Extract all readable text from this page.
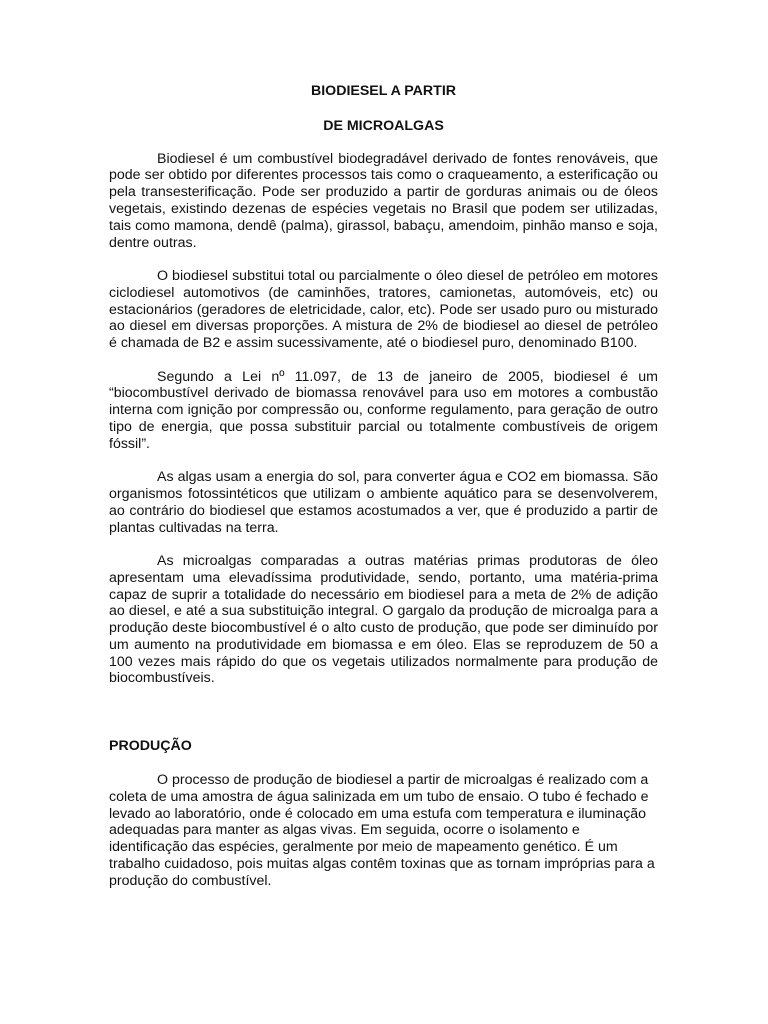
BIODIESEL A PARTIR

DE MICROALGAS

Biodiesel é um combustível biodegradável derivado de fontes renováveis, que pode ser obtido por diferentes processos tais como o craqueamento, a esterificação ou pela transesterificação. Pode ser produzido a partir de gorduras animais ou de óleos vegetais, existindo dezenas de espécies vegetais no Brasil que podem ser utilizadas, tais como mamona, dendê (palma), girassol, babaçu, amendoim, pinhão manso e soja, dentre outras.

O biodiesel substitui total ou parcialmente o óleo diesel de petróleo em motores ciclodiesel automotivos (de caminhões, tratores, camionetas, automóveis, etc) ou estacionários (geradores de eletricidade, calor, etc). Pode ser usado puro ou misturado ao diesel em diversas proporções. A mistura de 2% de biodiesel ao diesel de petróleo é chamada de B2 e assim sucessivamente, até o biodiesel puro, denominado B100.

Segundo a Lei nº 11.097, de 13 de janeiro de 2005, biodiesel é um “biocombustível derivado de biomassa renovável para uso em motores a combustão interna com ignição por compressão ou, conforme regulamento, para geração de outro tipo de energia, que possa substituir parcial ou totalmente combustíveis de origem fóssil”.

As algas usam a energia do sol, para converter água e CO2 em biomassa. São organismos fotossintéticos que utilizam o ambiente aquático para se desenvolverem, ao contrário do biodiesel que estamos acostumados a ver, que é produzido a partir de plantas cultivadas na terra.

As microalgas comparadas a outras matérias primas produtoras de óleo apresentam uma elevadíssima produtividade, sendo, portanto, uma matéria-prima capaz de suprir a totalidade do necessário em biodiesel para a meta de 2% de adição ao diesel, e até a sua substituição integral. O gargalo da produção de microalga para a produção deste biocombustível é o alto custo de produção, que pode ser diminuído por um aumento na produtividade em biomassa e em óleo. Elas se reproduzem de 50 a 100 vezes mais rápido do que os vegetais utilizados normalmente para produção de biocombustíveis.

PRODUÇÃO

O processo de produção de biodiesel a partir de microalgas é realizado com a coleta de uma amostra de água salinizada em um tubo de ensaio. O tubo é fechado e levado ao laboratório, onde é colocado em uma estufa com temperatura e iluminação adequadas para manter as algas vivas. Em seguida, ocorre o isolamento e identificação das espécies, geralmente por meio de mapeamento genético. É um trabalho cuidadoso, pois muitas algas contêm toxinas que as tornam impróprias para a produção do combustível.
